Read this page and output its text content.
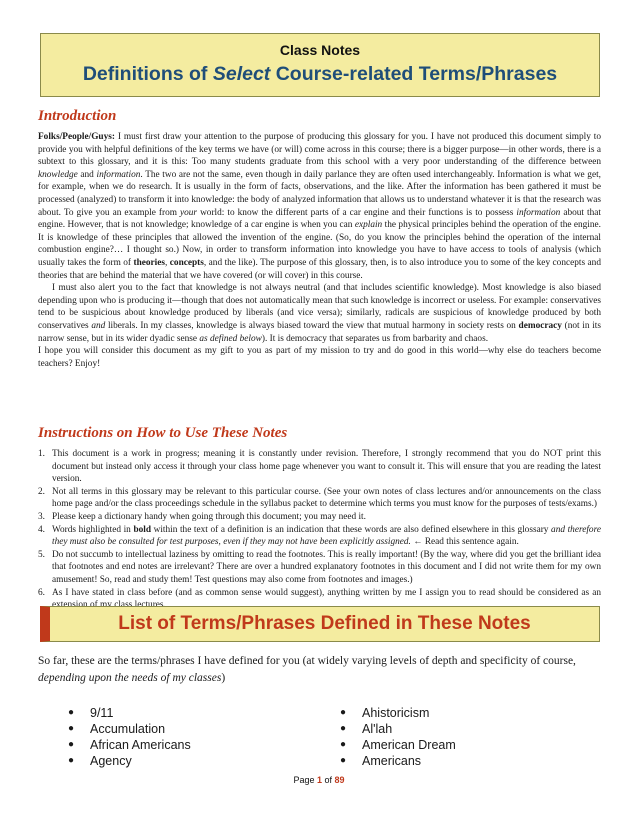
Class Notes
Definitions of Select Course-related Terms/Phrases
Introduction

Folks/People/Guys: I must first draw your attention to the purpose of producing this glossary for you. I have not produced this document simply to provide you with helpful definitions of the key terms we have (or will) come across in this course; there is a bigger purpose—in other words, there is a subtext to this glossary, and it is this: Too many students graduate from this school with a very poor understanding of the difference between knowledge and information. The two are not the same, even though in daily parlance they are often used interchangeably. Information is what we get, for example, when we do research. It is usually in the form of facts, observations, and the like. After the information has been gathered it must be processed (analyzed) to transform it into knowledge: the body of analyzed information that allows us to understand whatever it is that the research was about. To give you an example from your world: to know the different parts of a car engine and their functions is to possess information about that engine. However, that is not knowledge; knowledge of a car engine is when you can explain the physical principles behind the operation of the engine. It is knowledge of these principles that allowed the invention of the engine. (So, do you know the principles behind the operation of the internal combustion engine?… I thought so.) Now, in order to transform information into knowledge you have to have access to tools of analysis (which usually takes the form of theories, concepts, and the like). The purpose of this glossary, then, is to also introduce you to some of the key concepts and theories that are behind the material that we have covered (or will cover) in this course.

I must also alert you to the fact that knowledge is not always neutral (and that includes scientific knowledge). Most knowledge is also biased depending upon who is producing it—though that does not automatically mean that such knowledge is incorrect or useless. For example: conservatives tend to be suspicious about knowledge produced by liberals (and vice versa); similarly, radicals are suspicious of knowledge produced by both conservatives and liberals. In my classes, knowledge is always biased toward the view that mutual harmony in society rests on democracy (not in its narrow sense, but in its wider dyadic sense as defined below). It is democracy that separates us from barbarity and chaos.

I hope you will consider this document as my gift to you as part of my mission to try and do good in this world—why else do teachers become teachers? Enjoy!

Instructions on How to Use These Notes
1. This document is a work in progress; meaning it is constantly under revision. Therefore, I strongly recommend that you do NOT print this document but instead only access it through your class home page whenever you want to consult it. This will ensure that you are reading the latest version.
2. Not all terms in this glossary may be relevant to this particular course. (See your own notes of class lectures and/or announcements on the class home page and/or the class proceedings schedule in the syllabus packet to determine which terms you must know for the purposes of tests/exams.)
3. Please keep a dictionary handy when going through this document; you may need it.
4. Words highlighted in bold within the text of a definition is an indication that these words are also defined elsewhere in this glossary and therefore they must also be consulted for test purposes, even if they may not have been explicitly assigned. ← Read this sentence again.
5. Do not succumb to intellectual laziness by omitting to read the footnotes. This is really important! (By the way, where did you get the brilliant idea that footnotes and end notes are irrelevant? There are over a hundred explanatory footnotes in this document and I did not write them for my own amusement! So, read and study them! Test questions may also come from footnotes and images.)
6. As I have stated in class before (and as common sense would suggest), anything written by me I assign you to read should be considered as an
List of Terms/Phrases Defined in These Notes
So far, these are the terms/phrases I have defined for you (at widely varying levels of depth and specificity of course, depending upon the needs of my classes)
●	9/11
●	Accumulation
●	African Americans
●	Agency
●	Ahistoricism
●	Al'lah
●	American Dream
●	Americans
Page 1 of 89
